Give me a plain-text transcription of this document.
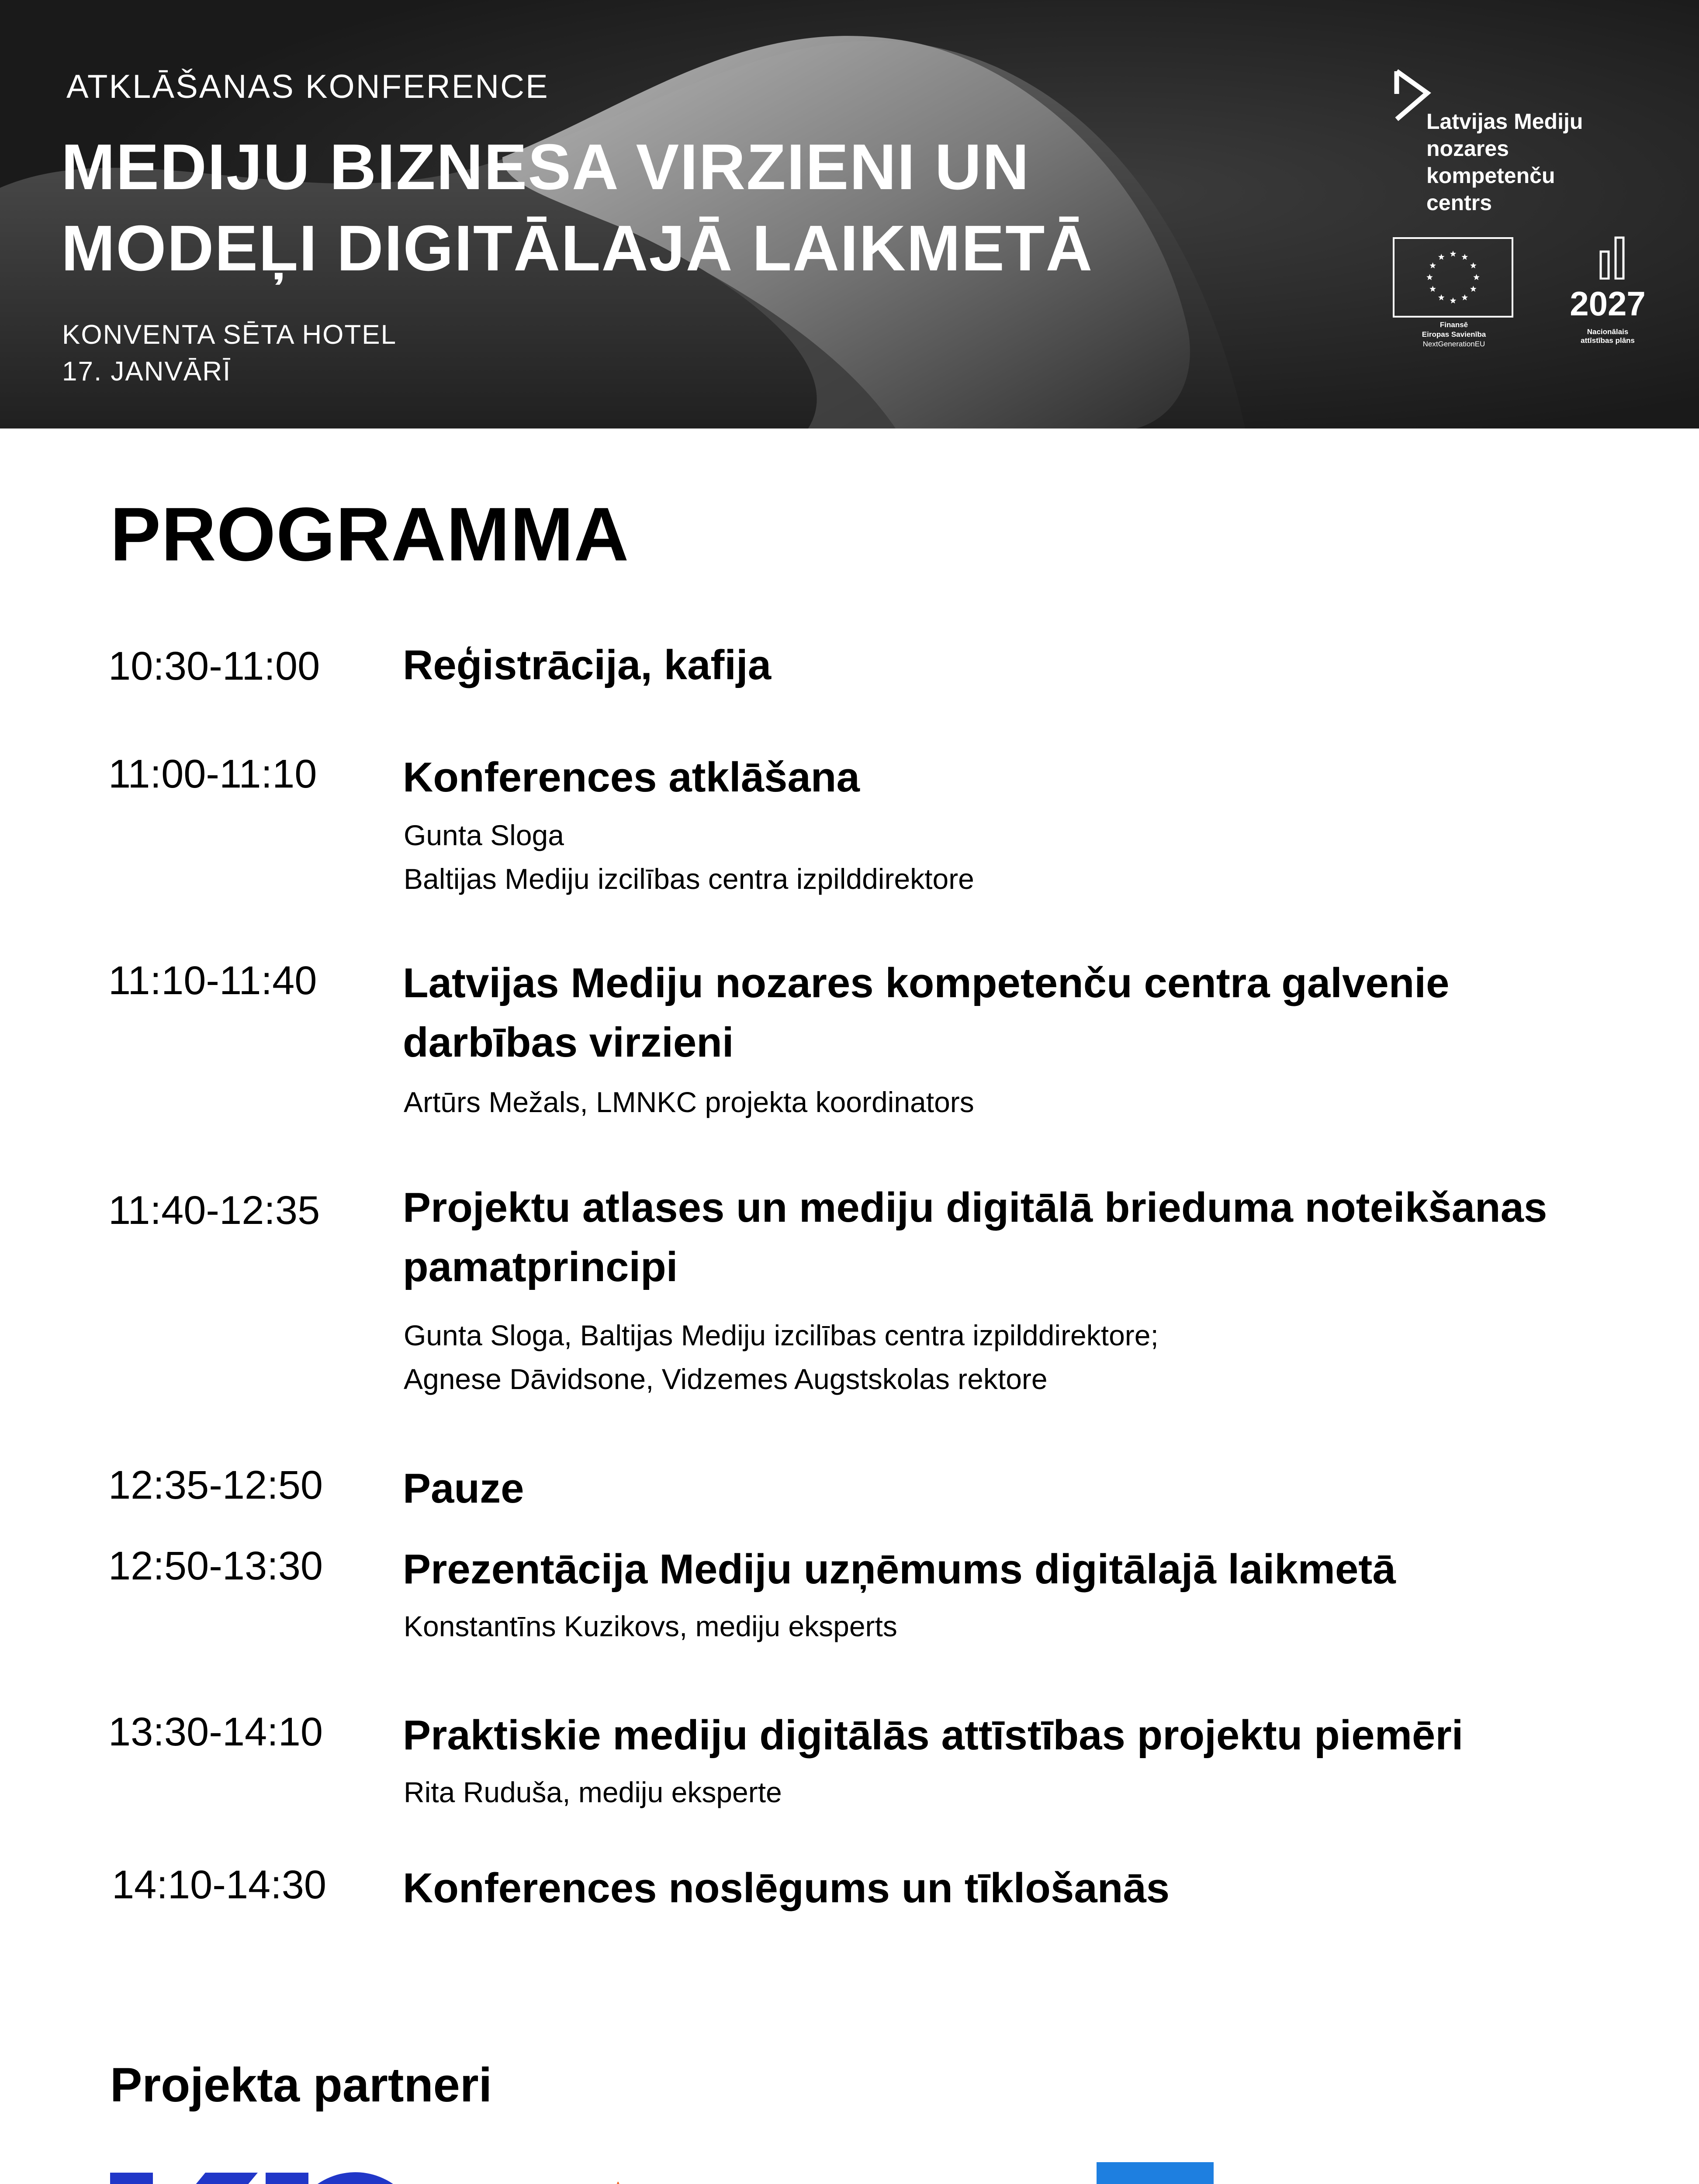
ATKLĀŠANAS KONFERENCE
MEDIJU BIZNESA VIRZIENI UN
MODEĻI DIGITĀLAJĀ LAIKMETĀ
KONVENTA SĒTA HOTEL
17. JANVĀRĪ
Latvijas Mediju
nozares kompetenču
centrs
Finansē
Eiropas Savienība
NextGenerationEU
2027
Nacionālais
attīstības plāns
PROGRAMMA
10:30-11:00 Reģistrācija, kafija
11:00-11:10 Konferences atklāšana
Gunta Sloga
Baltijas Mediju izcilības centra izpilddirektore
11:10-11:40 Latvijas Mediju nozares kompetenču centra galvenie
darbības virzieni
Artūrs Mežals, LMNKC projekta koordinators
11:40-12:35 Projektu atlases un mediju digitālā brieduma noteikšanas
pamatprincipi
Gunta Sloga, Baltijas Mediju izcilības centra izpilddirektore;
Agnese Dāvidsone, Vidzemes Augstskolas rektore
12:35-12:50 Pauze
12:50-13:30 Prezentācija Mediju uzņēmums digitālajā laikmetā
Konstantīns Kuzikovs, mediju eksperts
13:30-14:10 Praktiskie mediju digitālās attīstības projektu piemēri
Rita Ruduša, mediju eksperte
14:10-14:30 Konferences noslēgums un tīklošanās
Projekta partneri
